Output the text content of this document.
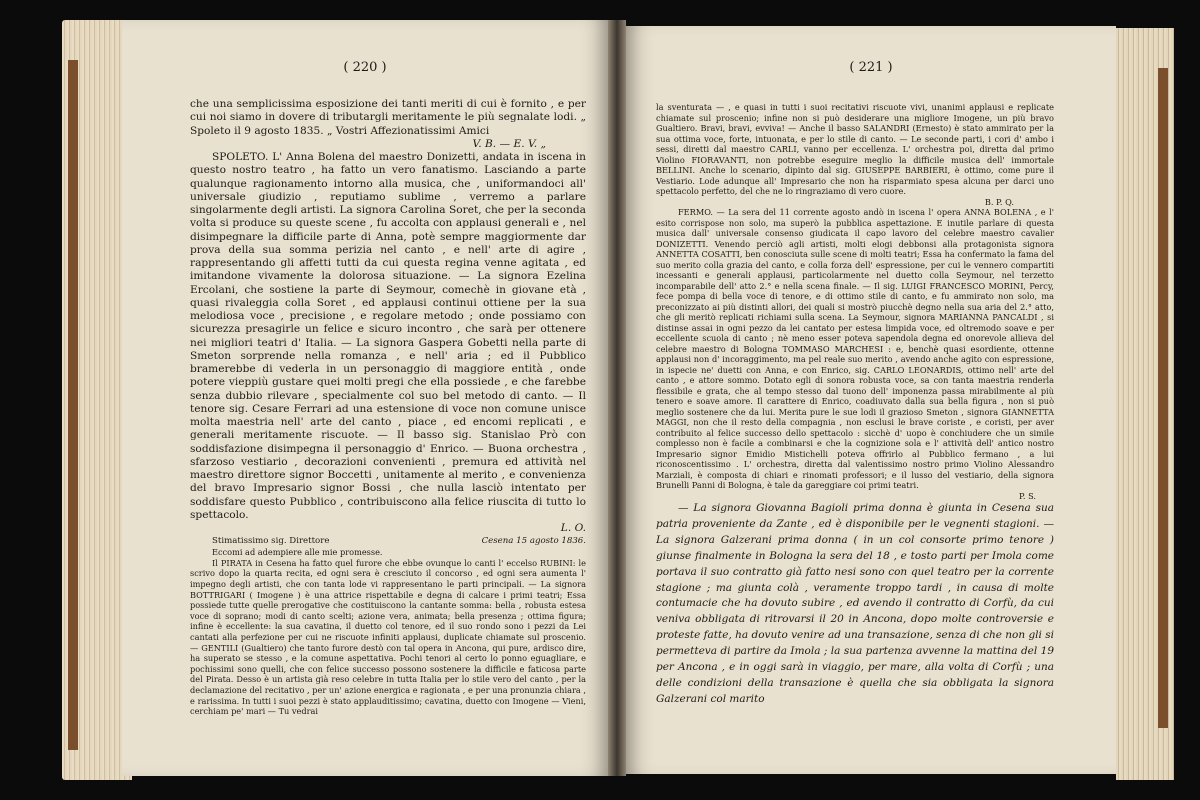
( 220 )

che una semplicissima esposizione dei tanti meriti di cui è fornito , e per cui noi siamo in dovere di tributargli meritamente le più segnalate lodi. „ Spoleto il 9 agosto 1835. „ Vostri Affezionatissimi Amici

V. B. — E. V. „

SPOLETO. L' Anna Bolena del maestro Donizetti, andata in iscena in questo nostro teatro , ha fatto un vero fanatismo. Lasciando a parte qualunque ragionamento intorno alla musica, che , uniformandoci all' universale giudizio , reputiamo sublime , verremo a parlare singolarmente degli artisti. La signora Carolina Soret, che per la seconda volta si produce su queste scene , fu accolta con applausi generali e , nel disimpegnare la difficile parte di Anna, potè sempre maggiormente dar prova della sua somma perizia nel canto , e nell' arte di agire , rappresentando gli affetti tutti da cui questa regina venne agitata , ed imitandone vivamente la dolorosa situazione. — La signora Ezelina Ercolani, che sostiene la parte di Seymour, comechè in giovane età , quasi rivaleggia colla Soret , ed applausi continui ottiene per la sua melodiosa voce , precisione , e regolare metodo ; onde possiamo con sicurezza presagirle un felice e sicuro incontro , che sarà per ottenere nei migliori teatri d' Italia. — La signora Gaspera Gobetti nella parte di Smeton sorprende nella romanza , e nell' aria ; ed il Pubblico bramerebbe di vederla in un personaggio di maggiore entità , onde potere vieppiù gustare quei molti pregi che ella possiede , e che farebbe senza dubbio rilevare , specialmente col suo bel metodo di canto. — Il tenore sig. Cesare Ferrari ad una estensione di voce non comune unisce molta maestria nell' arte del canto , piace , ed encomi replicati , e generali meritamente riscuote. — Il basso sig. Stanislao Prò con soddisfazione disimpegna il personaggio d' Enrico. — Buona orchestra , sfarzoso vestiario , decorazioni convenienti , premura ed attività nel maestro direttore signor Boccetti , unitamente al merito , e convenienza del bravo Impresario signor Bossi , che nulla lasciò intentato per soddisfare questo Pubblico , contribuiscono alla felice riuscita di tutto lo spettacolo.

L. O.

Stimatissimo sig. Direttore	Cesena 15 agosto 1836.

Eccomi ad adempiere alle mie promesse.

Il PIRATA in Cesena ha fatto quel furore che ebbe ovunque lo canti l' eccelso RUBINI: le scrivo dopo la quarta recita, ed ogni sera è cresciuto il concorso , ed ogni sera aumenta l' impegno degli artisti, che con tanta lode vi rappresentano le parti principali. — La signora BOTTRIGARI ( Imogene ) è una attrice rispettabile e degna di calcare i primi teatri; Essa possiede tutte quelle prerogative che costituiscono la cantante somma: bella , robusta estesa voce di soprano; modi di canto scelti; azione vera, animata; bella presenza ; ottima figura; infine è eccellente: la sua cavatina, il duetto col tenore, ed il suo rondo sono i pezzi da Lei cantati alla perfezione per cui ne riscuote infiniti applausi, duplicate chiamate sul proscenio. — GENTILI (Gualtiero) che tanto furore destò con tal opera in Ancona, qui pure, ardisco dire, ha superato se stesso , e la comune aspettativa. Pochi tenori al certo lo ponno eguagliare, e pochissimi sono quelli, che con felice successo possono sostenere la difficile e faticosa parte del Pirata. Desso è un artista già reso celebre in tutta Italia per lo stile vero del canto , per la declamazione del recitativo , per un' azione energica e ragionata , e per una pronunzia chiara , e rarissima. In tutti i suoi pezzi è stato applauditissimo; cavatina, duetto con Imogene — Vieni, cerchiam pe' mari — Tu vedrai

( 221 )

la sventurata — , e quasi in tutti i suoi recitativi riscuote vivi, unanimi applausi e replicate chiamate sul proscenio; infine non si può desiderare una migliore Imogene, un più bravo Gualtiero. Bravi, bravi, evviva! — Anche il basso SALANDRI (Ernesto) è stato ammirato per la sua ottima voce, forte, intuonata, e per lo stile di canto. — Le seconde parti, i cori d' ambo i sessi, diretti dal maestro CARLI, vanno per eccellenza. L' orchestra poi, diretta dal primo Violino FIORAVANTI, non potrebbe eseguire meglio la difficile musica dell' immortale BELLINI. Anche lo scenario, dipinto dal sig. GIUSEPPE BARBIERI, è ottimo, come pure il Vestiario. Lode adunque all' Impresario che non ha risparmiato spesa alcuna per darci uno spettacolo perfetto, del che ne lo ringraziamo di vero cuore.

B. P. Q.

FERMO. — La sera del 11 corrente agosto andò in iscena l' opera ANNA BOLENA , e l' esito corrispose non solo, ma superò la pubblica aspettazione. E inutile parlare di questa musica dall' universale consenso giudicata il capo lavoro del celebre maestro cavalier DONIZETTI. Venendo perciò agli artisti, molti elogi debbonsi alla protagonista signora ANNETTA COSATTI, ben conosciuta sulle scene di molti teatri; Essa ha confermato la fama del suo merito colla grazia del canto, e colla forza dell' espressione, per cui le vennero compartiti incessanti e generali applausi, particolarmente nel duetto colla Seymour, nel terzetto incomparabile dell' atto 2.° e nella scena finale. — Il sig. LUIGI FRANCESCO MORINI, Percy, fece pompa di bella voce di tenore, e di ottimo stile di canto, e fu ammirato non solo, ma preconizzato ai più distinti allori, dei quali si mostrò piucchè degno nella sua aria del 2.° atto, che gli meritò replicati richiami sulla scena. La Seymour, signora MARIANNA PANCALDI , si distinse assai in ogni pezzo da lei cantato per estesa limpida voce, ed oltremodo soave e per eccellente scuola di canto ; nè meno esser poteva sapendola degna ed onorevole allieva del celebre maestro di Bologna TOMMASO MARCHESI : e, benchè quasi esordiente, ottenne applausi non d' incoraggimento, ma pel reale suo merito , avendo anche agito con espressione, in ispecie ne' duetti con Anna, e con Enrico, sig. CARLO LEONARDIS, ottimo nell' arte del canto , e attore sommo. Dotato egli di sonora robusta voce, sa con tanta maestria renderla flessibile e grata, che al tempo stesso dal tuono dell' imponenza passa mirabilmente al più tenero e soave amore. Il carattere di Enrico, coadiuvato dalla sua bella figura , non si può meglio sostenere che da lui. Merita pure le sue lodi il grazioso Smeton , signora GIANNETTA MAGGI, non che il resto della compagnia , non esclusi le brave coriste , e coristi, per aver contribuito al felice successo dello spettacolo : sicchè d' uopo è conchiudere che un simile complesso non è facile a combinarsi e che la cognizione sola e l' attività dell' antico nostro Impresario signor Emidio Mistichelli poteva offrirlo al Pubblico fermano , a lui riconoscentissimo . L' orchestra, diretta dal valentissimo nostro primo Violino Alessandro Marziali, è composta di chiari e rinomati professori; e il lusso del vestiario, della signora Brunelli Panni di Bologna, è tale da gareggiare coi primi teatri.

P. S.

— La signora Giovanna Bagioli prima donna è giunta in Cesena sua patria proveniente da Zante , ed è disponibile per le vegnenti stagioni. — La signora Galzerani prima donna ( in un col consorte primo tenore ) giunse finalmente in Bologna la sera del 18 , e tosto parti per Imola come portava il suo contratto già fatto nesi sono con quel teatro per la corrente stagione ; ma giunta colà , veramente troppo tardi , in causa di molte contumacie che ha dovuto subire , ed avendo il contratto di Corfù, da cui veniva obbligata di ritrovarsi il 20 in Ancona, dopo molte controversie e proteste fatte, ha dovuto venire ad una transazione, senza di che non gli si permetteva di partire da Imola ; la sua partenza avvenne la mattina del 19 per Ancona , e in oggi sarà in viaggio, per mare, alla volta di Corfù ; una delle condizioni della transazione è quella che sia obbligata la signora Galzerani col marito
